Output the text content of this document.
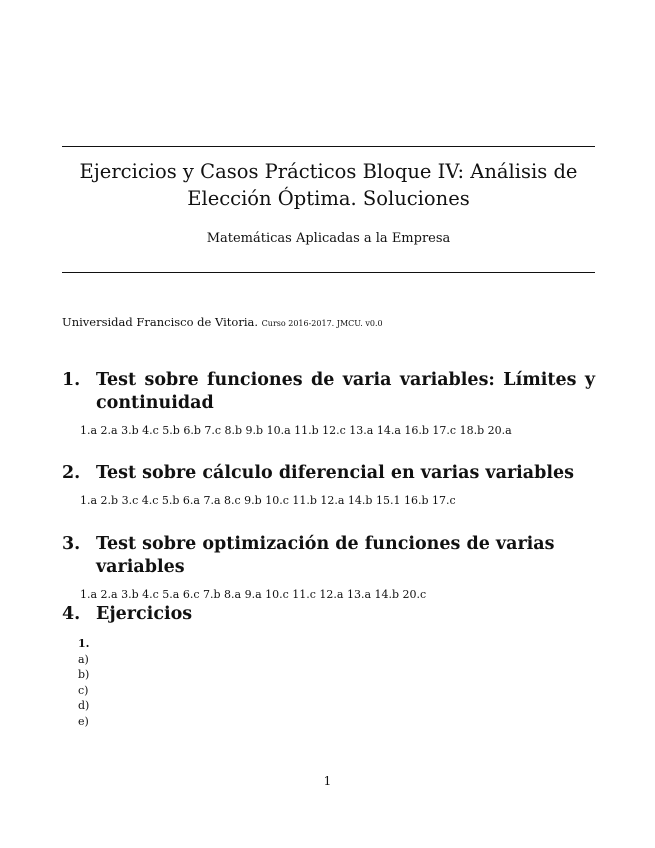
Ejercicios y Casos Prácticos Bloque IV: Análisis de Elección Óptima. Soluciones
Matemáticas Aplicadas a la Empresa
Universidad Francisco de Vitoria. Curso 2016-2017. JMCU. v0.0
1. Test sobre funciones de varia variables: Límites y continuidad
1.a 2.a 3.b 4.c 5.b 6.b 7.c 8.b 9.b 10.a 11.b 12.c 13.a 14.a 16.b 17.c 18.b 20.a
2. Test sobre cálculo diferencial en varias variables
1.a 2.b 3.c 4.c 5.b 6.a 7.a 8.c 9.b 10.c 11.b 12.a 14.b 15.1 16.b 17.c
3. Test sobre optimización de funciones de varias variables
1.a 2.a 3.b 4.c 5.a 6.c 7.b 8.a 9.a 10.c 11.c 12.a 13.a 14.b 20.c
4. Ejercicios
1.
a)
b)
c)
d)
e)
1
